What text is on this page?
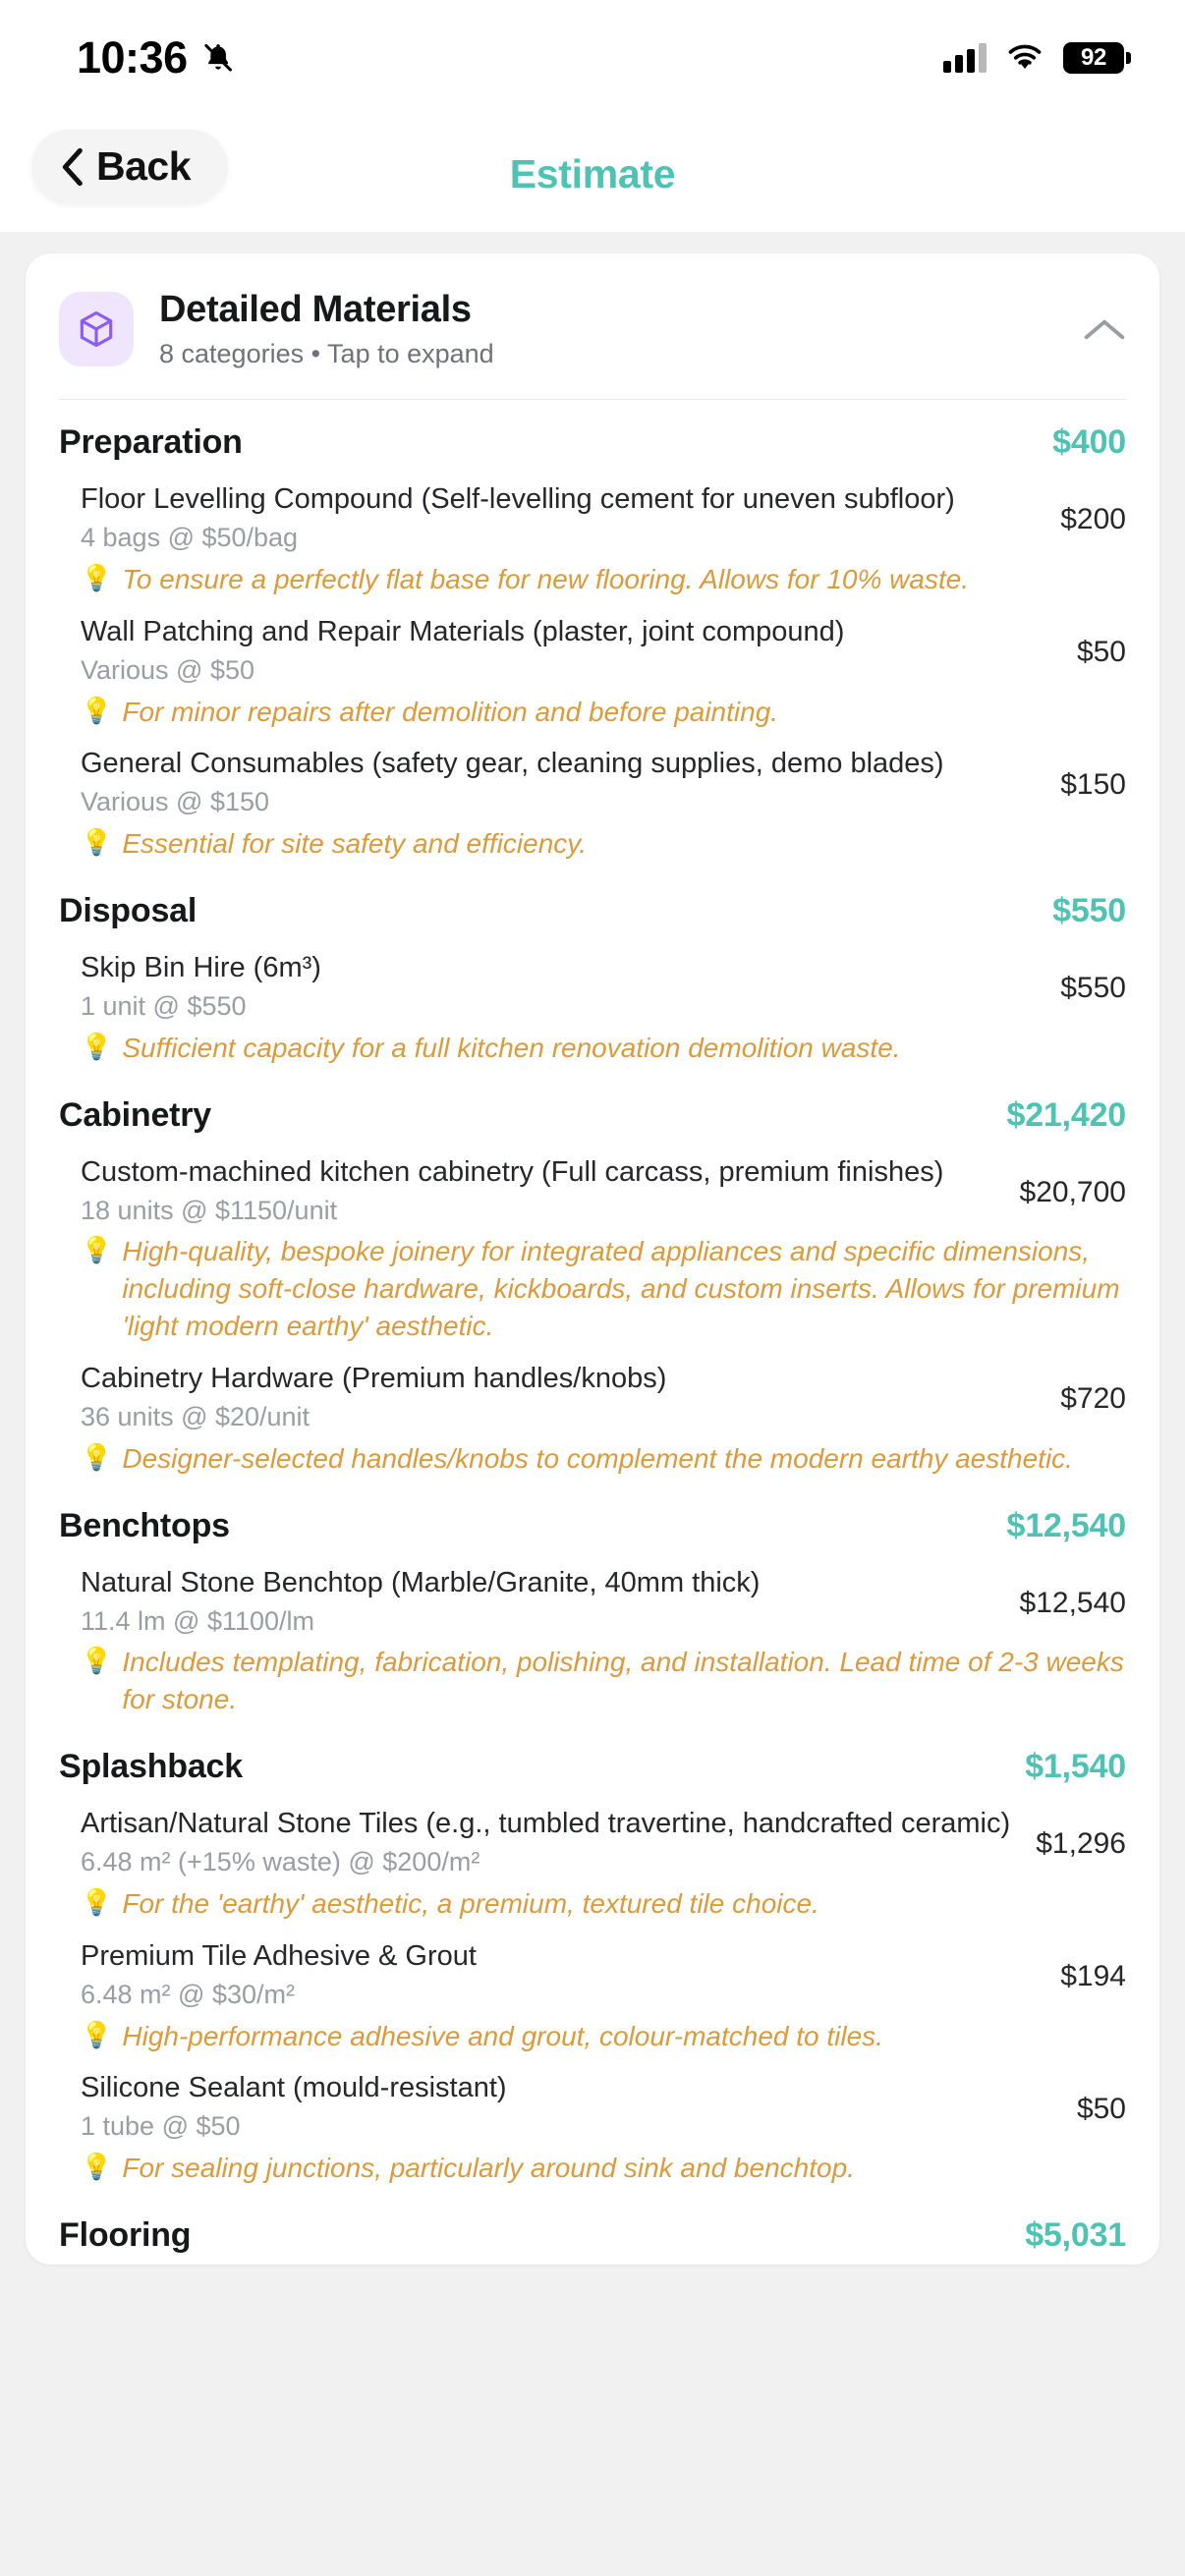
10:36	92
Back	Estimate
Detailed Materials
8 categories • Tap to expand
Preparation	$400
Floor Levelling Compound (Self-levelling cement for uneven subfloor)
4 bags @ $50/bag
$200
💡 To ensure a perfectly flat base for new flooring. Allows for 10% waste.
Wall Patching and Repair Materials (plaster, joint compound)
Various @ $50
$50
💡 For minor repairs after demolition and before painting.
General Consumables (safety gear, cleaning supplies, demo blades)
Various @ $150
$150
💡 Essential for site safety and efficiency.
Disposal	$550
Skip Bin Hire (6m³)
1 unit @ $550
$550
💡 Sufficient capacity for a full kitchen renovation demolition waste.
Cabinetry	$21,420
Custom-machined kitchen cabinetry (Full carcass, premium finishes)
18 units @ $1150/unit
$20,700
💡 High-quality, bespoke joinery for integrated appliances and specific dimensions, including soft-close hardware, kickboards, and custom inserts. Allows for premium 'light modern earthy' aesthetic.
Cabinetry Hardware (Premium handles/knobs)
36 units @ $20/unit
$720
💡 Designer-selected handles/knobs to complement the modern earthy aesthetic.
Benchtops	$12,540
Natural Stone Benchtop (Marble/Granite, 40mm thick)
11.4 lm @ $1100/lm
$12,540
💡 Includes templating, fabrication, polishing, and installation. Lead time of 2-3 weeks for stone.
Splashback	$1,540
Artisan/Natural Stone Tiles (e.g., tumbled travertine, handcrafted ceramic)
6.48 m² (+15% waste) @ $200/m²
$1,296
💡 For the 'earthy' aesthetic, a premium, textured tile choice.
Premium Tile Adhesive & Grout
6.48 m² @ $30/m²
$194
💡 High-performance adhesive and grout, colour-matched to tiles.
Silicone Sealant (mould-resistant)
1 tube @ $50
$50
💡 For sealing junctions, particularly around sink and benchtop.
Flooring	$5,031
